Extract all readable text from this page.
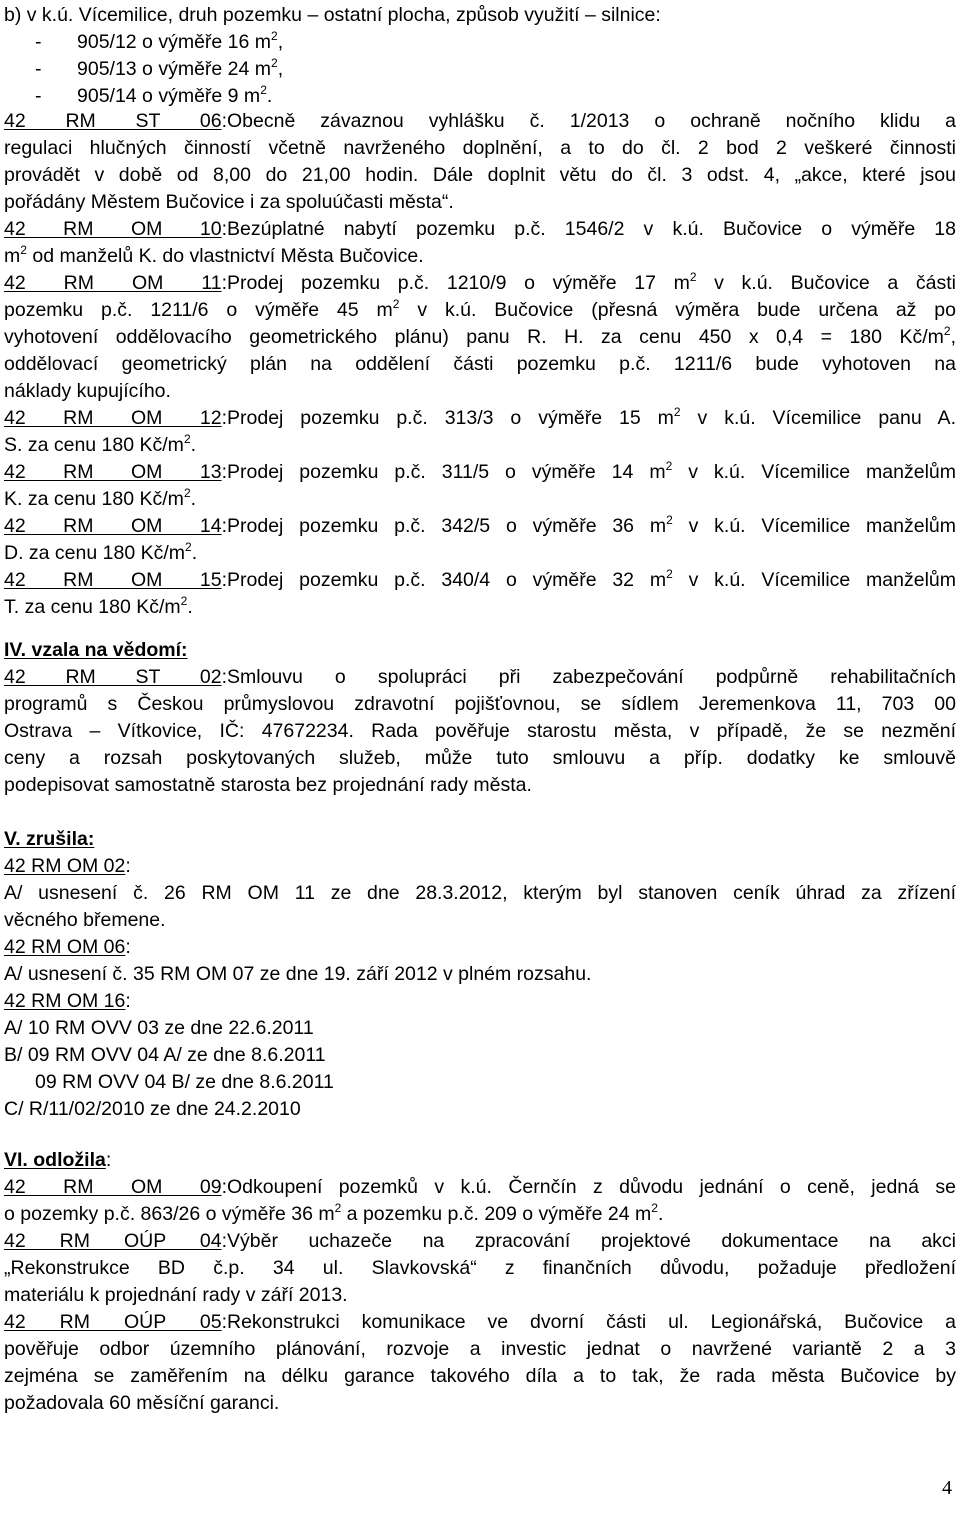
b) v k.ú. Vícemilice, druh pozemku – ostatní plocha, způsob využití – silnice:
- 905/12 o výměře 16 $m^2$,
- 905/13 o výměře 24 $m^2$,
- 905/14 o výměře 9 $m^2$.
42 RM ST 06:Obecně závaznou vyhlášku č. 1/2013 o ochraně nočního klidu a
regulaci hlučných činností včetně navrženého doplnění, a to do čl. 2 bod 2 veškeré činnosti
provádět v době od 8,00 do 21,00 hodin. Dále doplnit větu do čl. 3 odst. 4, „akce, které jsou
pořádány Městem Bučovice i za spoluúčasti města“.
42 RM OM 10:Bezúplatné nabytí pozemku p.č. 1546/2 v k.ú. Bučovice o výměře 18
$m^2$ od manželů K. do vlastnictví Města Bučovice.
42 RM OM 11:Prodej pozemku p.č. 1210/9 o výměře 17 $m^2$ v k.ú. Bučovice a části
pozemku p.č. 1211/6 o výměře 45 $m^2$ v k.ú. Bučovice (přesná výměra bude určena až po
vyhotovení oddělovacího geometrického plánu) panu R. H. za cenu 450 x 0,4 = 180 $Kč/m^2$,
oddělovací geometrický plán na oddělení části pozemku p.č. 1211/6 bude vyhotoven na
náklady kupujícího.
42 RM OM 12:Prodej pozemku p.č. 313/3 o výměře 15 $m^2$ v k.ú. Vícemilice panu A.
S. za cenu 180 $Kč/m^2$.
42 RM OM 13:Prodej pozemku p.č. 311/5 o výměře 14 $m^2$ v k.ú. Vícemilice manželům
K. za cenu 180 $Kč/m^2$.
42 RM OM 14:Prodej pozemku p.č. 342/5 o výměře 36 $m^2$ v k.ú. Vícemilice manželům
D. za cenu 180 $Kč/m^2$.
42 RM OM 15:Prodej pozemku p.č. 340/4 o výměře 32 $m^2$ v k.ú. Vícemilice manželům
T. za cenu 180 $Kč/m^2$.
IV. vzala na vědomí:
42 RM ST 02:Smlouvu o spolupráci při zabezpečování podpůrně rehabilitačních
programů s Českou průmyslovou zdravotní pojišťovnou, se sídlem Jeremenkova 11, 703 00
Ostrava – Vítkovice, IČ: 47672234. Rada pověřuje starostu města, v případě, že se nezmění
ceny a rozsah poskytovaných služeb, může tuto smlouvu a příp. dodatky ke smlouvě
podepisovat samostatně starosta bez projednání rady města.
V. zrušila:
42 RM OM 02:
A/ usnesení č. 26 RM OM 11 ze dne 28.3.2012, kterým byl stanoven ceník úhrad za zřízení
věcného břemene.
42 RM OM 06:
A/ usnesení č. 35 RM OM 07 ze dne 19. září 2012 v plném rozsahu.
42 RM OM 16:
A/ 10 RM OVV 03 ze dne 22.6.2011
B/ 09 RM OVV 04 A/ ze dne 8.6.2011
09 RM OVV 04 B/ ze dne 8.6.2011
C/ R/11/02/2010 ze dne 24.2.2010
VI. odložila:
42 RM OM 09:Odkoupení pozemků v k.ú. Černčín z důvodu jednání o ceně, jedná se
o pozemky p.č. 863/26 o výměře 36 $m^2$ a pozemku p.č. 209 o výměře 24 $m^2$.
42 RM OÚP 04:Výběr uchazeče na zpracování projektové dokumentace na akci
„Rekonstrukce BD č.p. 34 ul. Slavkovská“ z finančních důvodu, požaduje předložení
materiálu k projednání rady v září 2013.
42 RM OÚP 05:Rekonstrukci komunikace ve dvorní části ul. Legionářská, Bučovice a
pověřuje odbor územního plánování, rozvoje a investic jednat o navržené variantě 2 a 3
zejména se zaměřením na délku garance takového díla a to tak, že rada města Bučovice by
požadovala 60 měsíční garanci.
4
